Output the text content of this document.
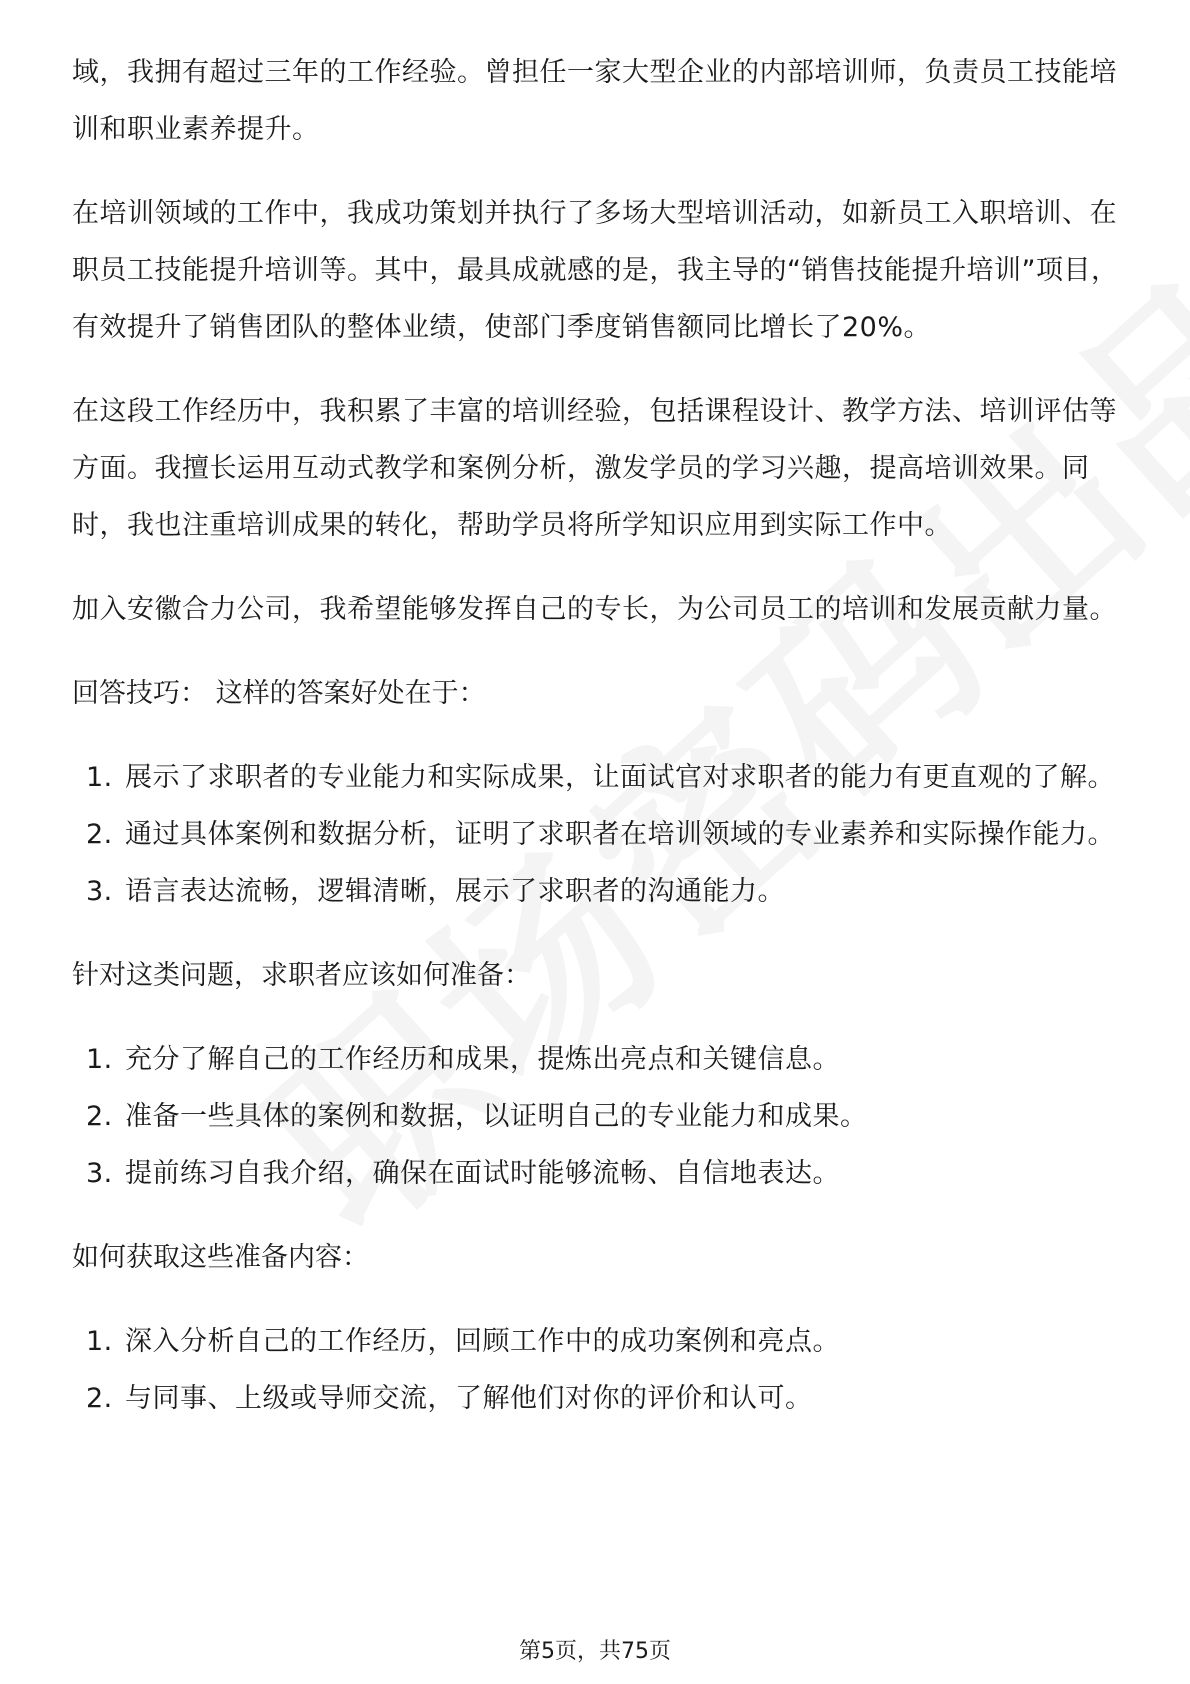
域，我拥有超过三年的工作经验。曾担任一家大型企业的内部培训师，负责员工技能培训和职业素养提升。

在培训领域的工作中，我成功策划并执行了多场大型培训活动，如新员工入职培训、在职员工技能提升培训等。其中，最具成就感的是，我主导的“销售技能提升培训”项目，有效提升了销售团队的整体业绩，使部门季度销售额同比增长了20%。

在这段工作经历中，我积累了丰富的培训经验，包括课程设计、教学方法、培训评估等方面。我擅长运用互动式教学和案例分析，激发学员的学习兴趣，提高培训效果。同时，我也注重培训成果的转化，帮助学员将所学知识应用到实际工作中。

加入安徽合力公司，我希望能够发挥自己的专长，为公司员工的培训和发展贡献力量。

回答技巧： 这样的答案好处在于：

1. 展示了求职者的专业能力和实际成果，让面试官对求职者的能力有更直观的了解。
2. 通过具体案例和数据分析，证明了求职者在培训领域的专业素养和实际操作能力。
3. 语言表达流畅，逻辑清晰，展示了求职者的沟通能力。

针对这类问题，求职者应该如何准备：

1. 充分了解自己的工作经历和成果，提炼出亮点和关键信息。
2. 准备一些具体的案例和数据，以证明自己的专业能力和成果。
3. 提前练习自我介绍，确保在面试时能够流畅、自信地表达。

如何获取这些准备内容：

1. 深入分析自己的工作经历，回顾工作中的成功案例和亮点。
2. 与同事、上级或导师交流，了解他们对你的评价和认可。
第5页，共75页
